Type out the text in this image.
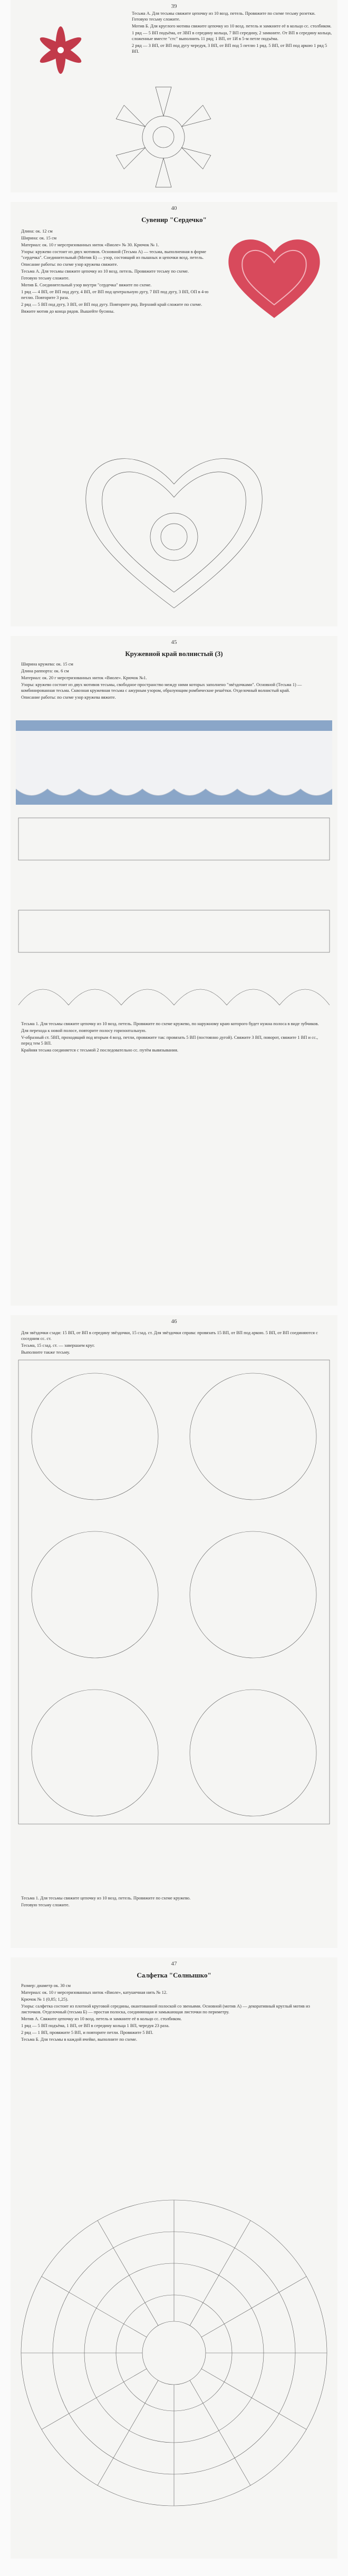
39

Тесьма А. Для тесьмы свяжите цепочку из 10 возд. петель. Провяжите по схеме тесьму розетки. Готовую тесьму сложите.

Мотив Б. Для круглого мотива свяжите цепочку из 10 возд. петель и замкните её в кольцо сс. столбиком.

1 ряд — 5 ВП подъёма, от 3ВП в середину кольца, 7 ВП середину, 2 замкните. От ВП в середину кольца, сложенные вместе "стс" выполнить 11 ряд; 1 ВП, от 1И в 5-м петле подъёма.

2 ряд — 3 ВП, от ВП под дугу чередуя, 3 ВП, от ВП под 5 петлю 1 ряд. 5 ВП, от ВП под аркою 1 ряд 5 ВП.

40
Сувенир "Сердечко"

Длина: ок. 12 см

Ширина: ок. 15 см

Материал: ок. 10 г мерсеризованных ниток «Виоле» № 30. Крючок № 1.

Узоры: кружево состоит из двух мотивов. Основной (Тесьма А) — тесьма, выполненная в форме "сердечка". Соединительный (Мотив Б) — узор, состоящий из пышных и цепочки возд. петель.

Описание работы: по схеме узор кружева свяжите.

Тесьма А. Для тесьмы свяжите цепочку из 10 возд. петель. Провяжите тесьму по схеме.

Готовую тесьму сложите.

Мотив Б. Соединительный узор внутри "сердечка" вяжите по схеме.

1 ряд — 4 ВП, от ВП под дугу, 4 ВП, от ВП под центральную дугу, 7 ВП под дугу, 3 ВП, ОП в 4-ю петлю. Повторите 3 раза.

2 ряд — 5 ВП под дугу, 3 ВП, от ВП под дугу. Повторите ряд. Верхний край сложите по схеме.

Вяжите мотив до конца рядов. Вышейте бусины.

45
Кружевной край волнистый (3)

Ширина кружева: ок. 15 см

Длина раппорта: ок. 6 см

Материал: ок. 20 г мерсеризованных ниток «Виоле». Крючок №1.

Узоры: кружево состоит из двух мотивов тесьмы, свободное пространство между ними которых заполнено "звёздочками". Основной (Тесьма 1) — комбинированная тесьма. Сквозная кружевная тесьма с ажурным узором, образующим ромбические решётки. Отделочный волнистый край.

Описание работы: по схеме узор кружева вяжите.

Тесьма 1. Для тесьмы свяжите цепочку из 10 возд. петель. Провяжите по схеме кружево, по наружному краю которого будет нужна полоса в виде зубчиков.

Для перехода к новой полосе, повторите полосу горизонтальную.

V-образный ст. 5ВП, проходящий под вторым 4 возд. петли, провяжите так: провязать 5 ВП (постоянно дугой). Свяжите 3 ВП, поворот, свяжите 1 ВП и сс., перед тем 5 ВП.

Крайняя тесьма соединяется с тесьмой 2 последовательно сс. путём вывязывания.

46

Для звёздочки сзади: 15 ВП, от ВП в середину звёздочки, 15 сзад. ст. Для звёздочки справа: провязать 15 ВП, от ВП под аркою. 5 ВП, от ВП соединяются с соседним сс. ст.

Тесьма, 15 сзад. ст. — завершаем круг.

Выполните также тесьму.

Тесьма 1. Для тесьмы свяжите цепочку из 10 возд. петель. Провяжите по схеме кружево.

Готовую тесьму сложите.

47
Салфетка "Солнышко"

Размер: диаметр ок. 30 см

Материал: ок. 10 г мерсеризованных ниток «Виоле», катушечная нить № 12.

Крючок № 1 (0,85; 1,25).

Узоры: салфетка состоит из плотной круговой середины, окантованной полоской со звеньями. Основной (мотив А) — декоративный круглый мотив из листочков. Отделочный (тесьма Б) — простая полоска, соединяющая и замыкающая листочки по периметру.

Мотив А. Свяжите цепочку из 10 возд. петель и замкните её в кольцо сс. столбиком.

1 ряд — 5 ВП подъёма, 1 ВП, от ВП в середину кольца 1 ВП, чередуя 23 раза.

2 ряд — 1 ВП, провяжите 5 ВП, и повторите петли. Провяжите 5 ВП.

Тесьма Б. Для тесьмы в каждой ячейке, выполните по схеме.
